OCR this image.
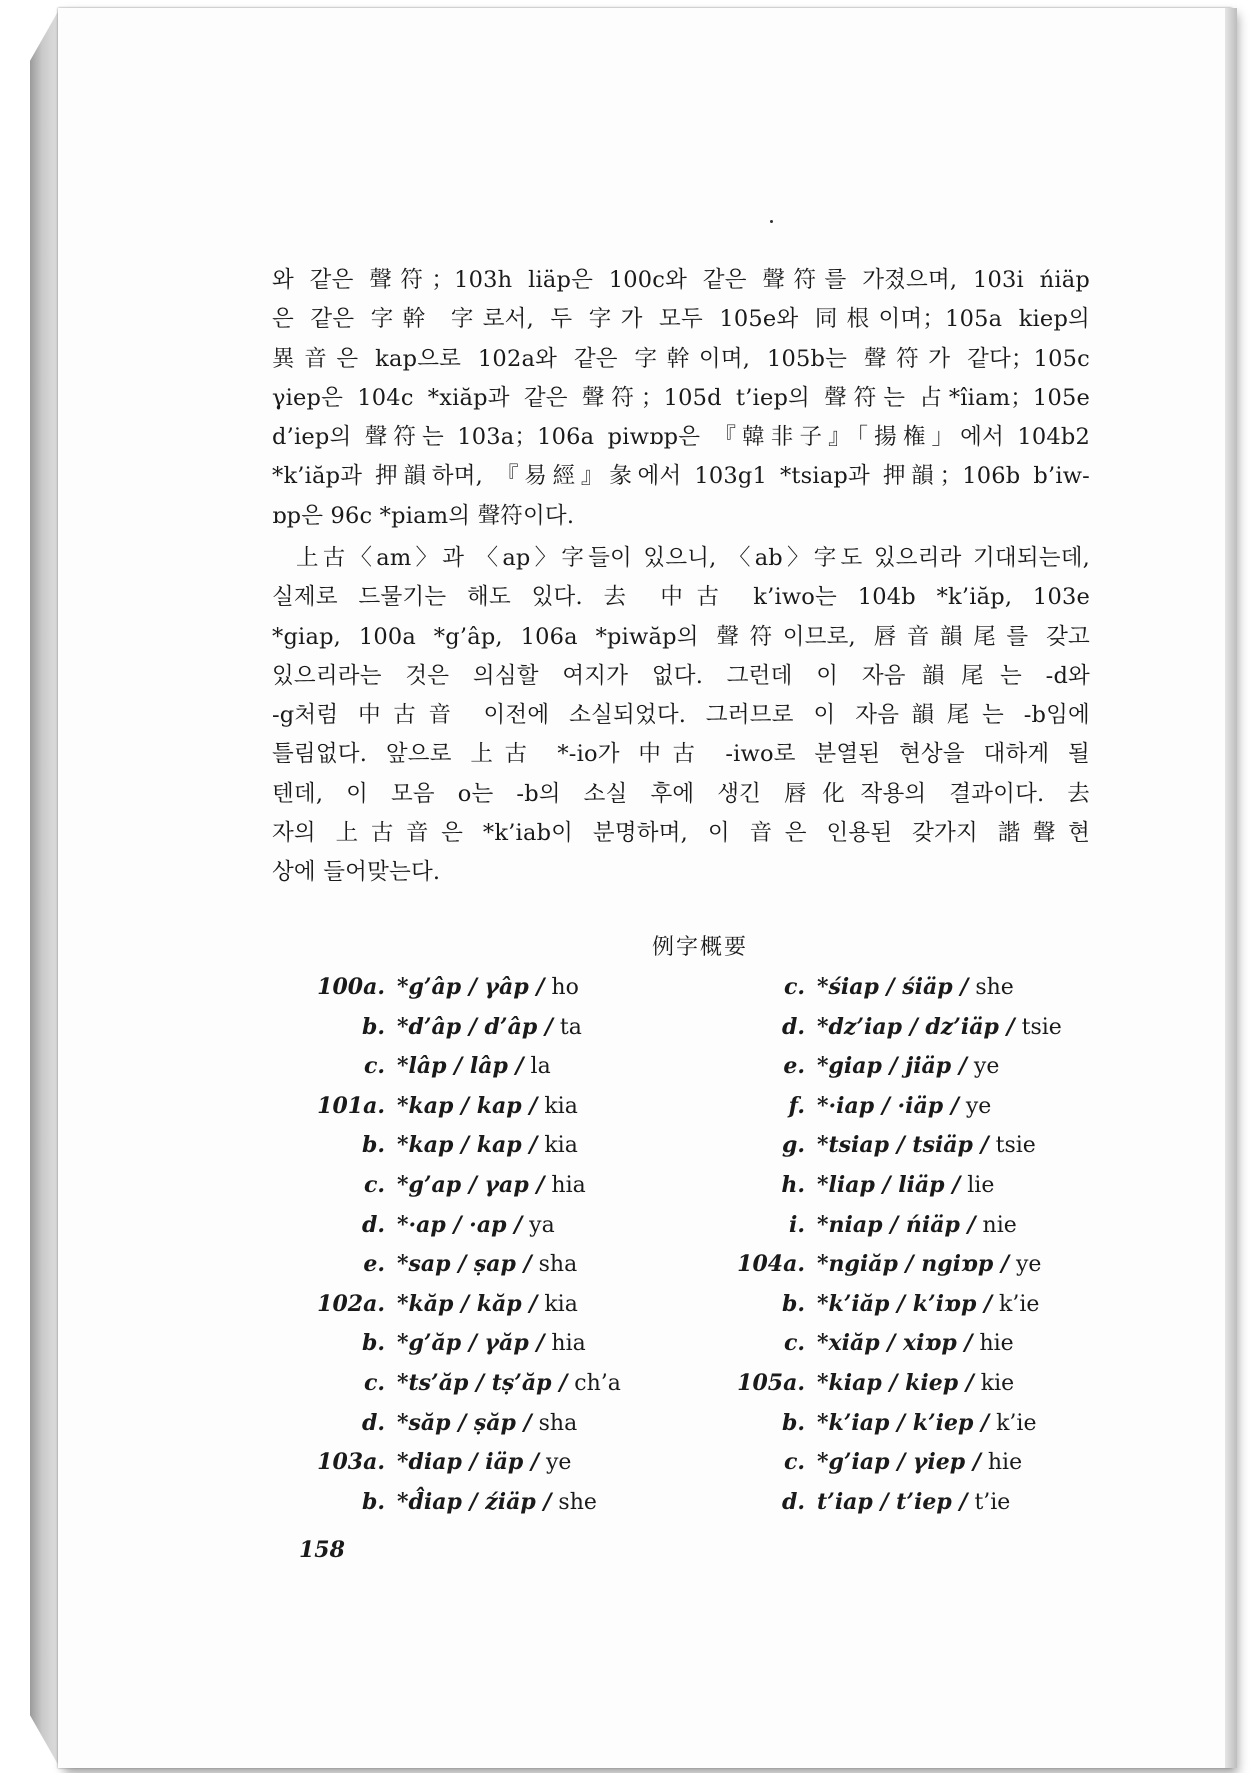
와 같은 聲符；103h liäp은 100c와 같은 聲符를 가졌으며, 103i ńiäp
은 같은 字幹 字로서, 두 字가 모두 105e와 同根이며；105a kiep의
異音은 kap으로 102a와 같은 字幹이며, 105b는 聲符가 같다；105c
γiep은 104c *xiăp과 같은 聲符；105d t’iep의 聲符는 占*îiam；105e
d’iep의 聲符는 103a；106a piwɒp은 『韓非子』「揚権」에서 104b2
*k’iăp과 押韻하며, 『易經』彖에서 103g1 *tsiap과 押韻；106b b’iw-
ɒp은 96c *piam의 聲符이다.
上古〈am〉과 〈ap〉字들이 있으니, 〈ab〉字도 있으리라 기대되는데,
실제로 드물기는 해도 있다. 去 中古 k’iwo는 104b *k’iăp, 103e
*giap, 100a *g’âp, 106a *piwăp의 聲符이므로, 唇音韻尾를 갖고
있으리라는 것은 의심할 여지가 없다. 그런데 이 자음韻尾는 -d와
-g처럼 中古音 이전에 소실되었다. 그러므로 이 자음韻尾는 -b임에
틀림없다. 앞으로 上古 *-io가 中古 -iwo로 분열된 현상을 대하게 될
텐데, 이 모음 o는 -b의 소실 후에 생긴 唇化작용의 결과이다. 去
자의 上古音은 *k’iab이 분명하며, 이 音은 인용된 갖가지 諧聲현
상에 들어맞는다.
例字概要
100a. *g’âp / γâp /
ho
b. *d’âp / d’âp /
ta
c. *lâp / lâp /
la
101a. *kap / kap /
kia
b. *kap / kap /
kia
c. *g’ap / γap /
hia
d. *·ap / ·ap /
ya
e. *sap / ṣap /
sha
102a. *kăp / kăp /
kia
b. *g’ăp / γăp /
hia
c. *ts’ăp / tṣ’ăp /
ch’a
d. *săp / ṣăp /
sha
103a. *diap / iäp /
ye
b. *d̂iap / źiäp /
she
c. *śiap / śiäp /
she
d. *dz’iap / dz’iäp /
tsie
e. *giap / jiäp /
ye
f. *·iap / ·iäp /
ye
g. *tsiap / tsiäp /
tsie
h. *liap / liäp /
lie
i. *niap / ńiäp /
nie
104a. *ngiăp / ngiɒp /
ye
b. *k’iăp / k’iɒp /
k’ie
c. *xiăp / xiɒp /
hie
105a. *kiap / kiep /
kie
b. *k’iap / k’iep /
k’ie
c. *g’iap / γiep /
hie
d. t’iap / t’iep /
t’ie
158
